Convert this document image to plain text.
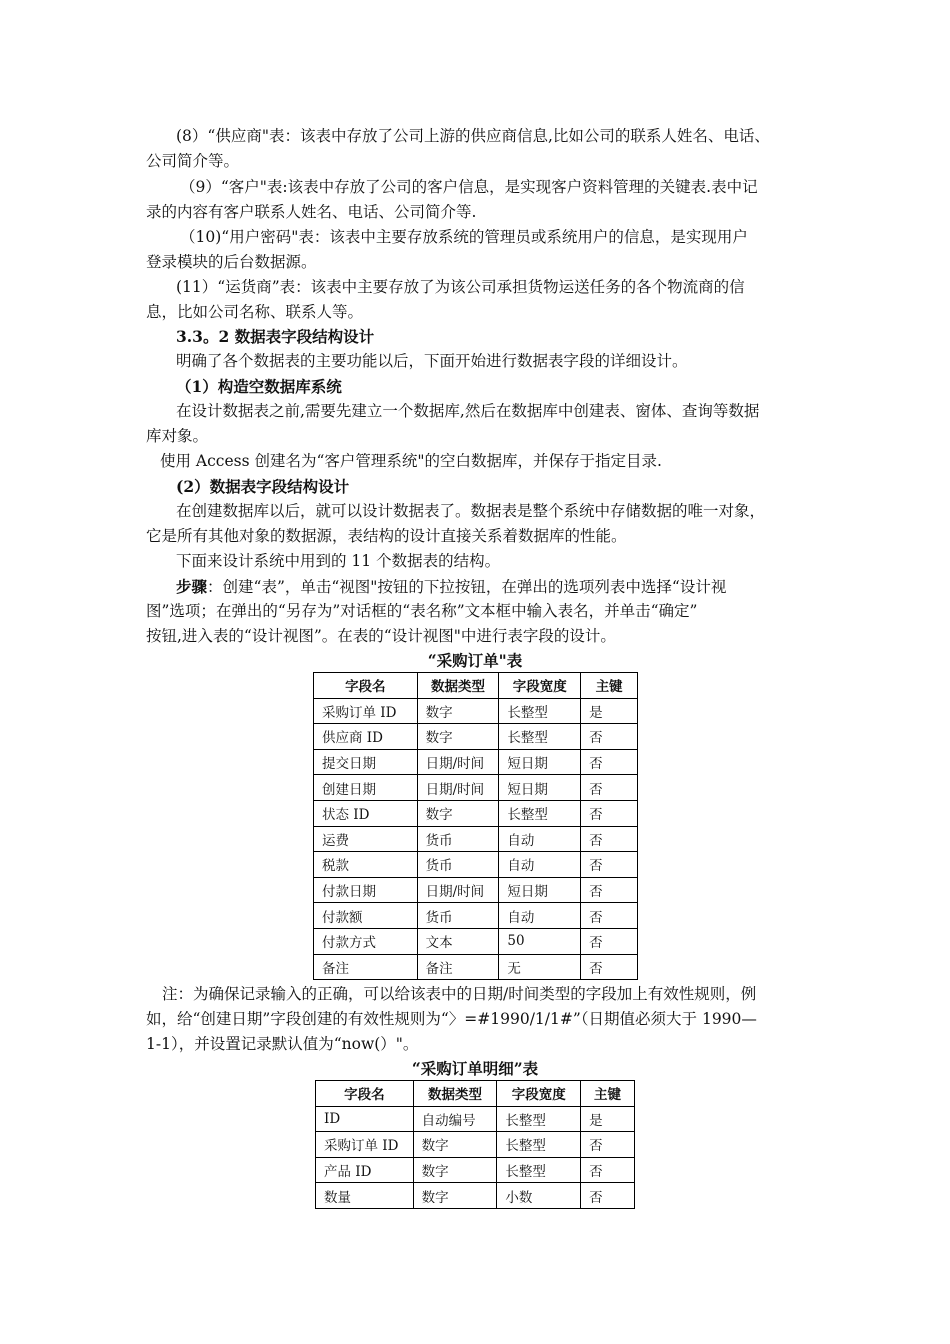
(8）“供应商"表：该表中存放了公司上游的供应商信息,比如公司的联系人姓名、电话、

公司简介等。

（9）“客户"表:该表中存放了公司的客户信息，是实现客户资料管理的关键表.表中记

录的内容有客户联系人姓名、电话、公司简介等.

（10)“用户密码"表：该表中主要存放系统的管理员或系统用户的信息，是实现用户

登录模块的后台数据源。

(11）“运货商”表：该表中主要存放了为该公司承担货物运送任务的各个物流商的信

息，比如公司名称、联系人等。

3.3。2 数据表字段结构设计

明确了各个数据表的主要功能以后，下面开始进行数据表字段的详细设计。

（1）构造空数据库系统

在设计数据表之前,需要先建立一个数据库,然后在数据库中创建表、窗体、查询等数据

库对象。

使用 Access 创建名为“客户管理系统"的空白数据库，并保存于指定目录.

(2）数据表字段结构设计

在创建数据库以后，就可以设计数据表了。数据表是整个系统中存储数据的唯一对象，

它是所有其他对象的数据源，表结构的设计直接关系着数据库的性能。

下面来设计系统中用到的 11 个数据表的结构。

步骤：创建“表”，单击“视图"按钮的下拉按钮，在弹出的选项列表中选择“设计视

图”选项；在弹出的“另存为”对话框的“表名称”文本框中输入表名，并单击“确定”

按钮,进入表的“设计视图”。在表的“设计视图"中进行表字段的设计。

“采购订单"表

字段名	数据类型	字段宽度	主键
采购订单 ID	数字	长整型	是
供应商 ID	数字	长整型	否
提交日期	日期/时间	短日期	否
创建日期	日期/时间	短日期	否
状态 ID	数字	长整型	否
运费	货币	自动	否
税款	货币	自动	否
付款日期	日期/时间	短日期	否
付款额	货币	自动	否
付款方式	文本	50	否
备注	备注	无	否

注：为确保记录输入的正确，可以给该表中的日期/时间类型的字段加上有效性规则，例

如，给“创建日期”字段创建的有效性规则为“〉=#1990/1/1#”（日期值必须大于 1990—

1-1），并设置记录默认值为“now(）"。

“采购订单明细”表

字段名	数据类型	字段宽度	主键
ID	自动编号	长整型	是
采购订单 ID	数字	长整型	否
产品 ID	数字	长整型	否
数量	数字	小数	否
